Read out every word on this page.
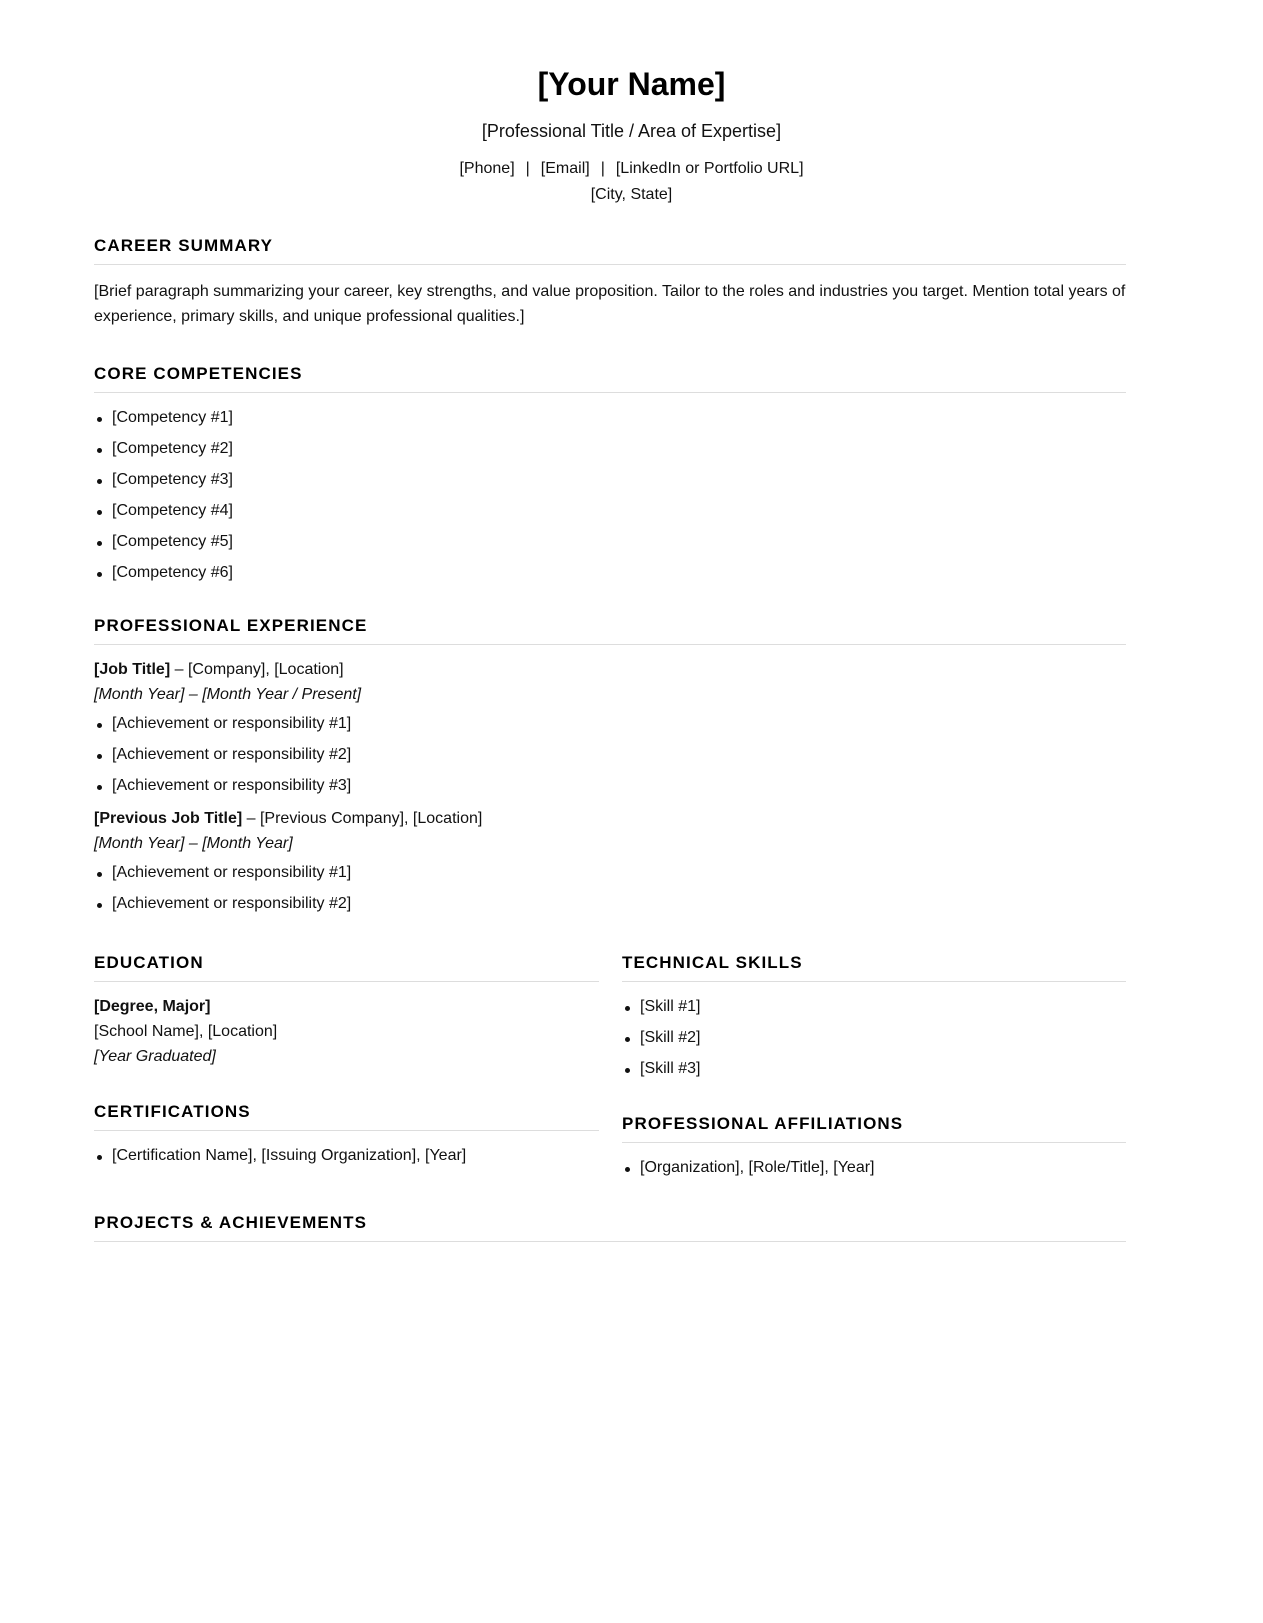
[Your Name]
[Professional Title / Area of Expertise]
[Phone] | [Email] | [LinkedIn or Portfolio URL]
[City, State]
CAREER SUMMARY

[Brief paragraph summarizing your career, key strengths, and value proposition. Tailor to the roles and industries you target. Mention total years of
experience, primary skills, and unique professional qualities.]

CORE COMPETENCIES
[Competency #1]
[Competency #2]
[Competency #3]
[Competency #4]
[Competency #5]
[Competency #6]
PROFESSIONAL EXPERIENCE
[Job Title] – [Company], [Location]
[Month Year] – [Month Year / Present]
[Achievement or responsibility #1]
[Achievement or responsibility #2]
[Achievement or responsibility #3]
[Previous Job Title] – [Previous Company], [Location]
[Month Year] – [Month Year]
[Achievement or responsibility #1]
[Achievement or responsibility #2]
EDUCATION
[Degree, Major]
[School Name], [Location]
[Year Graduated]
TECHNICAL SKILLS
[Skill #1]
[Skill #2]
[Skill #3]
CERTIFICATIONS
[Certification Name], [Issuing Organization], [Year]
PROFESSIONAL AFFILIATIONS
[Organization], [Role/Title], [Year]
PROJECTS & ACHIEVEMENTS
